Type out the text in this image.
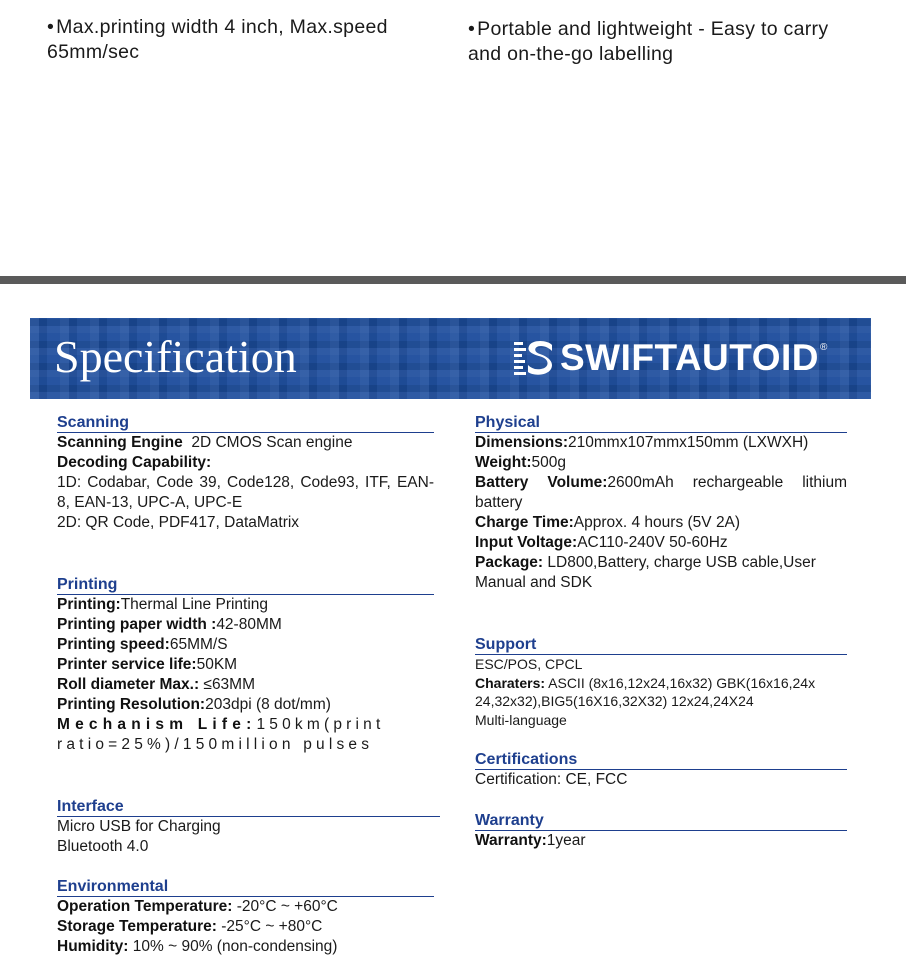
• Max.printing width 4 inch, Max.speed 65mm/sec
• Portable and lightweight - Easy to carry and on-the-go labelling
Specification	SWIFTAUTOID ®
Scanning
Scanning Engine 2D CMOS Scan engine
Decoding Capability:
1D: Codabar, Code 39, Code128, Code93, ITF, EAN-8, EAN-13, UPC-A, UPC-E
2D: QR Code, PDF417, DataMatrix
Printing
Printing:Thermal Line Printing
Printing paper width :42-80MM
Printing speed:65MM/S
Printer service life:50KM
Roll diameter Max.: ≤63MM
Printing Resolution:203dpi (8 dot/mm)
Mechanism Life:150km(print ratio=25%)/150million pulses
Interface
Micro USB for Charging
Bluetooth 4.0
Environmental
Operation Temperature: -20°C ~ +60°C
Storage Temperature: -25°C ~ +80°C
Humidity: 10% ~ 90% (non-condensing)
Physical
Dimensions:210mmx107mmx150mm (LXWXH)
Weight:500g
Battery Volume:2600mAh rechargeable lithium battery
Charge Time:Approx. 4 hours (5V 2A)
Input Voltage:AC110-240V 50-60Hz
Package: LD800,Battery, charge USB cable,User Manual and SDK
Support
ESC/POS, CPCL
Charaters: ASCII (8x16,12x24,16x32) GBK(16x16,24x 24,32x32),BIG5(16X16,32X32) 12x24,24X24
Multi-language
Certifications
Certification: CE, FCC
Warranty
Warranty:1year
